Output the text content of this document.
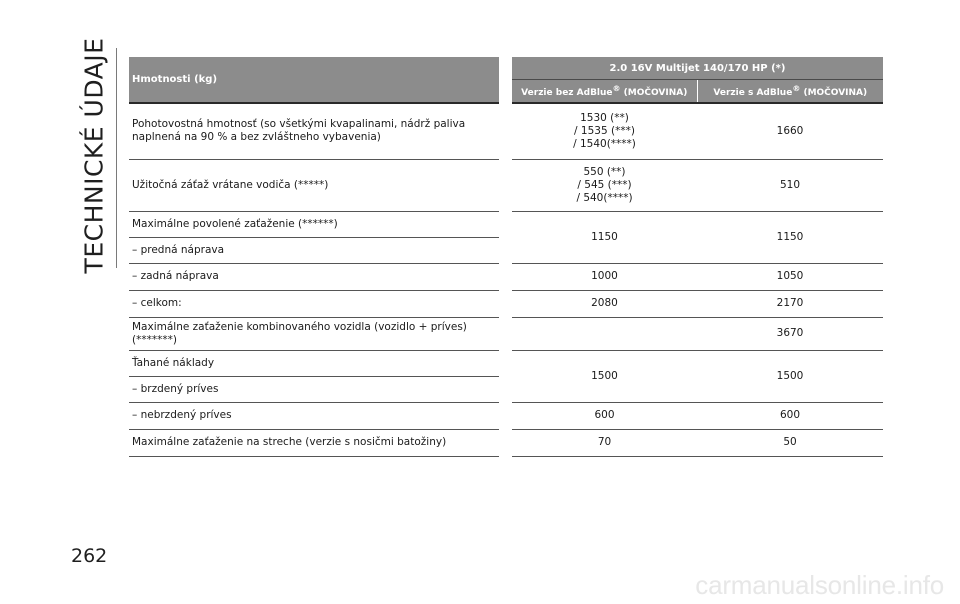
TECHNICKÉ ÚDAJE Hmotnosti (kg)		2.0 16V Multijet 140/170 HP (*)	
		Verzie bez AdBlue® (MOČOVINA)	Verzie s AdBlue® (MOČOVINA)
Pohotovostná hmotnosť (so všetkými kvapalinami, nádrž paliva naplnená na 90 % a bez zvláštneho vybavenia)		1530 (**)
/ 1535 (***)
/ 1540(****)	1660
Užitočná záťaž vrátane vodiča (*****)		550 (**)
/ 545 (***)
/ 540(****)	510
Maximálne povolené zaťaženie (******)		1150	1150
– predná náprava			
– zadná náprava		1000	1050
– celkom:		2080	2170
Maximálne zaťaženie kombinovaného vozidla (vozidlo + príves) (*******)			3670
Ťahané náklady		1500	1500
– brzdený príves			
– nebrzdený príves		600	600
Maximálne zaťaženie na streche (verzie s nosičmi batožiny)		70	50
262
carmanualsonline.info
